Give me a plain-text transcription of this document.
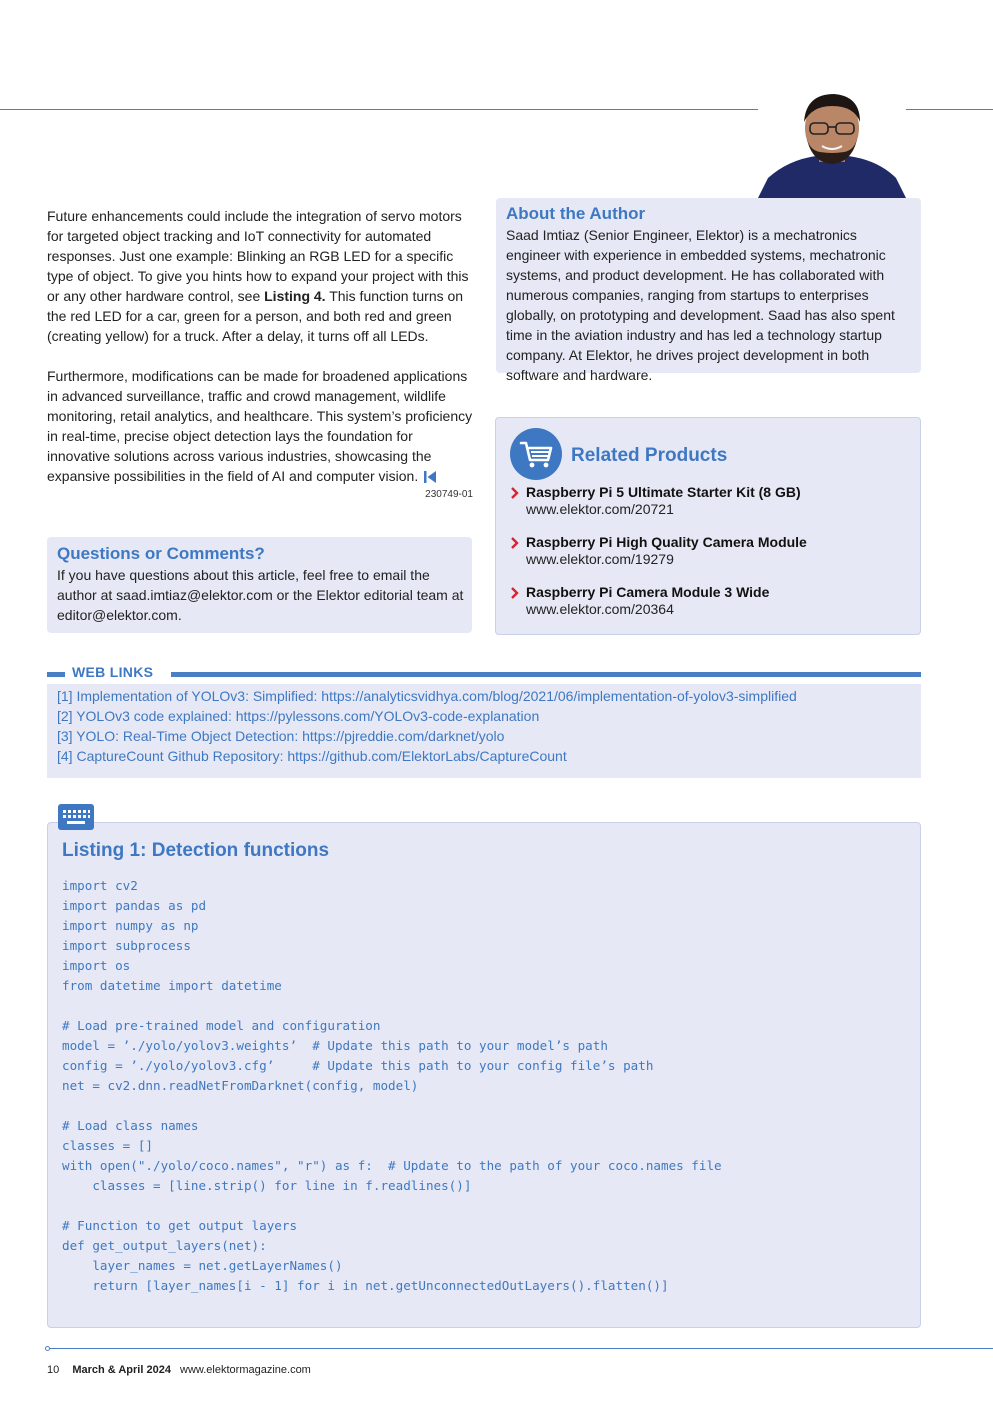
Future enhancements could include the integration of servo motors for targeted object tracking and IoT connectivity for automated responses. Just one example: Blinking an RGB LED for a specific type of object. To give you hints how to expand your project with this or any other hardware control, see Listing 4. This function turns on the red LED for a car, green for a person, and both red and green (creating yellow) for a truck. After a delay, it turns off all LEDs.

Furthermore, modifications can be made for broadened applications in advanced surveillance, traffic and crowd management, wildlife monitoring, retail analytics, and healthcare. This system’s proficiency in real-time, precise object detection lays the foundation for innovative solutions across various industries, showcasing the expansive possibilities in the field of AI and computer vision.

230749-01
About the Author
Saad Imtiaz (Senior Engineer, Elektor) is a mechatronics engineer with experience in embedded systems, mechatronic systems, and product development. He has collaborated with numerous companies, ranging from startups to enterprises globally, on prototyping and development. Saad has also spent time in the aviation industry and has led a technology startup company. At Elektor, he drives project development in both software and hardware.
Questions or Comments?
If you have questions about this article, feel free to email the author at saad.imtiaz@elektor.com or the Elektor editorial team at editor@elektor.com.
Related Products
Raspberry Pi 5 Ultimate Starter Kit (8 GB)
www.elektor.com/20721
Raspberry Pi High Quality Camera Module
www.elektor.com/19279
Raspberry Pi Camera Module 3 Wide
www.elektor.com/20364
WEB LINKS
[1] Implementation of YOLOv3: Simplified: https://analyticsvidhya.com/blog/2021/06/implementation-of-yolov3-simplified
[2] YOLOv3 code explained: https://pylessons.com/YOLOv3-code-explanation
[3] YOLO: Real-Time Object Detection: https://pjreddie.com/darknet/yolo
[4] CaptureCount Github Repository: https://github.com/ElektorLabs/CaptureCount
Listing 1: Detection functions
import cv2
import pandas as pd
import numpy as np
import subprocess
import os
from datetime import datetime

# Load pre-trained model and configuration
model = ’./yolo/yolov3.weights’  # Update this path to your model’s path
config = ’./yolo/yolov3.cfg’     # Update this path to your config file’s path
net = cv2.dnn.readNetFromDarknet(config, model)

# Load class names
classes = []
with open("./yolo/coco.names", "r") as f:  # Update to the path of your coco.names file
classes = [line.strip() for line in f.readlines()]

# Function to get output layers
def get_output_layers(net):
layer_names = net.getLayerNames()
return [layer_names[i - 1] for i in net.getUnconnectedOutLayers().flatten()]
10 March & April 2024 www.elektormagazine.com
